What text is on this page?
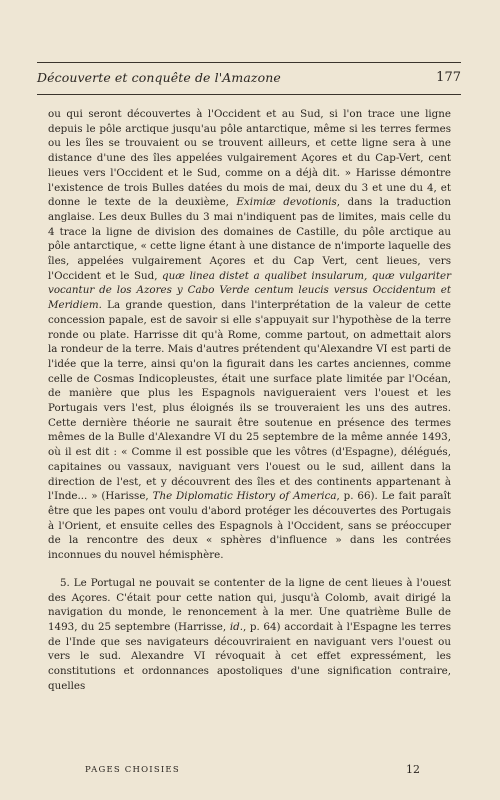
Découverte et conquête de l'Amazone	177

ou qui seront découvertes à l'Occident et au Sud, si l'on trace une ligne depuis le pôle arctique jusqu'au pôle antarctique, même si les terres fermes ou les îles se trouvaient ou se trouvent ailleurs, et cette ligne sera à une distance d'une des îles appelées vulgairement Açores et du Cap-Vert, cent lieues vers l'Occident et le Sud, comme on a déjà dit. » Harisse démontre l'existence de trois Bulles datées du mois de mai, deux du 3 et une du 4, et donne le texte de la deuxième, Eximiæ devotionis, dans la traduction anglaise. Les deux Bulles du 3 mai n'indiquent pas de limites, mais celle du 4 trace la ligne de division des domaines de Castille, du pôle arctique au pôle antarctique, « cette ligne étant à une distance de n'importe laquelle des îles, appelées vulgairement Açores et du Cap Vert, cent lieues, vers l'Occident et le Sud, quæ linea distet a qualibet insularum, quæ vulgariter vocantur de los Azores y Cabo Verde centum leucis versus Occidentum et Meridiem. La grande question, dans l'interprétation de la valeur de cette concession papale, est de savoir si elle s'appuyait sur l'hypothèse de la terre ronde ou plate. Harrisse dit qu'à Rome, comme partout, on admettait alors la rondeur de la terre. Mais d'autres prétendent qu'Alexandre VI est parti de l'idée que la terre, ainsi qu'on la figurait dans les cartes anciennes, comme celle de Cosmas Indicopleustes, était une surface plate limitée par l'Océan, de manière que plus les Espagnols navigueraient vers l'ouest et les Portugais vers l'est, plus éloignés ils se trouveraient les uns des autres. Cette dernière théorie ne saurait être soutenue en présence des termes mêmes de la Bulle d'Alexandre VI du 25 septembre de la même année 1493, où il est dit : « Comme il est possible que les vôtres (d'Espagne), délégués, capitaines ou vassaux, naviguant vers l'ouest ou le sud, aillent dans la direction de l'est, et y découvrent des îles et des continents appartenant à l'Inde... » (Harisse, The Diplomatic History of America, p. 66). Le fait paraît être que les papes ont voulu d'abord protéger les découvertes des Portugais à l'Orient, et ensuite celles des Espagnols à l'Occident, sans se préoccuper de la rencontre des deux « sphères d'influence » dans les contrées inconnues du nouvel hémisphère.

5. Le Portugal ne pouvait se contenter de la ligne de cent lieues à l'ouest des Açores. C'était pour cette nation qui, jusqu'à Colomb, avait dirigé la navigation du monde, le renoncement à la mer. Une quatrième Bulle de 1493, du 25 septembre (Harrisse, id., p. 64) accordait à l'Espagne les terres de l'Inde que ses navigateurs découvriraient en naviguant vers l'ouest ou vers le sud. Alexandre VI révoquait à cet effet expressément, les constitutions et ordonnances apostoliques d'une signification contraire, quelles

PAGES CHOISIES	12
